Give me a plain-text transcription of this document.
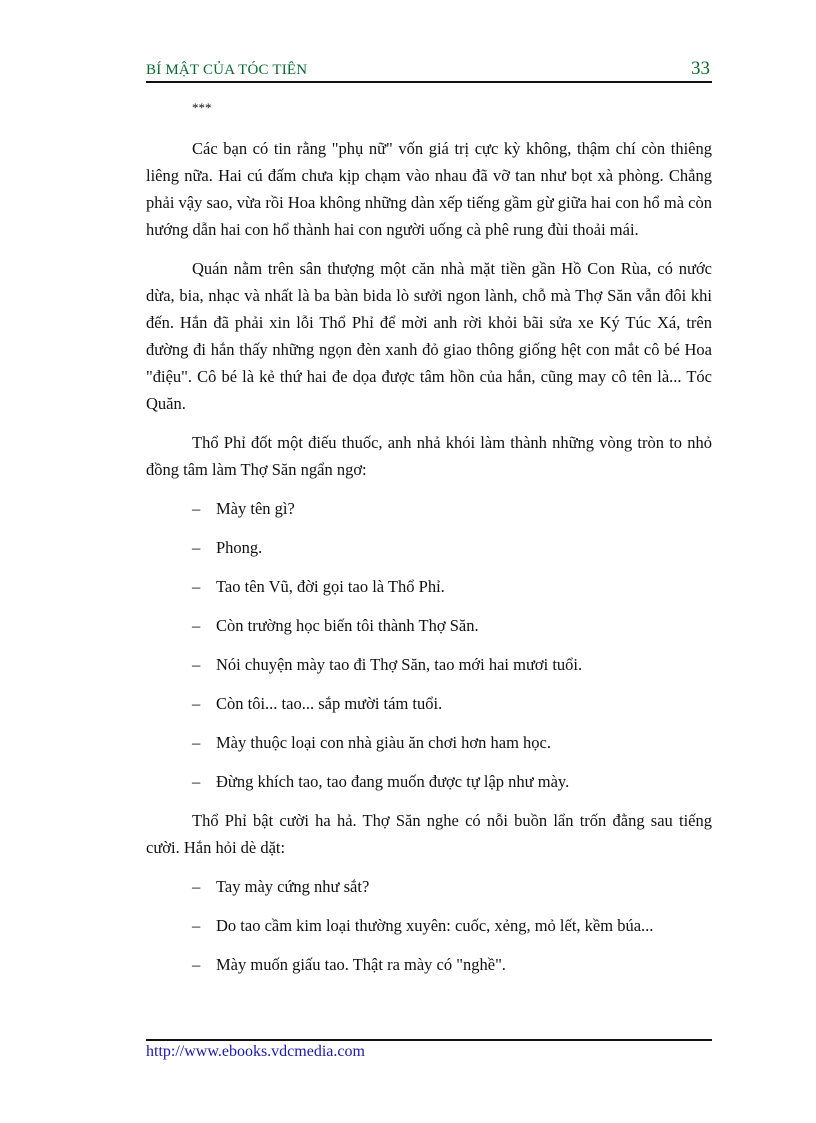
BÍ MẬT CỦA TÓC TIÊN	33
***

Các bạn có tin rằng "phụ nữ" vốn giá trị cực kỳ không, thậm chí còn thiêng liêng nữa. Hai cú đấm chưa kịp chạm vào nhau đã vỡ tan như bọt xà phòng. Chẳng phải vậy sao, vừa rồi Hoa không những dàn xếp tiếng gầm gừ giữa hai con hổ mà còn hướng dẫn hai con hổ thành hai con người uống cà phê rung đùi thoải mái.

Quán nằm trên sân thượng một căn nhà mặt tiền gần Hồ Con Rùa, có nước dừa, bia, nhạc và nhất là ba bàn bida lò sưởi ngon lành, chỗ mà Thợ Săn vẫn đôi khi đến. Hắn đã phải xin lỗi Thổ Phỉ để mời anh rời khỏi bãi sửa xe Ký Túc Xá, trên đường đi hắn thấy những ngọn đèn xanh đỏ giao thông giống hệt con mắt cô bé Hoa "điệu". Cô bé là kẻ thứ hai đe dọa được tâm hồn của hắn, cũng may cô tên là... Tóc Quăn.

Thổ Phỉ đốt một điếu thuốc, anh nhả khói làm thành những vòng tròn to nhỏ đồng tâm làm Thợ Săn ngẩn ngơ:

– Mày tên gì?
– Phong.
– Tao tên Vũ, đời gọi tao là Thổ Phỉ.
– Còn trường học biến tôi thành Thợ Săn.
– Nói chuyện mày tao đi Thợ Săn, tao mới hai mươi tuổi.
– Còn tôi... tao... sắp mười tám tuổi.
– Mày thuộc loại con nhà giàu ăn chơi hơn ham học.
– Đừng khích tao, tao đang muốn được tự lập như mày.

Thổ Phỉ bật cười ha hả. Thợ Săn nghe có nỗi buồn lẩn trốn đằng sau tiếng cười. Hắn hỏi dè dặt:

– Tay mày cứng như sắt?
– Do tao cầm kim loại thường xuyên: cuốc, xẻng, mỏ lết, kềm búa...
– Mày muốn giấu tao. Thật ra mày có "nghề".
http://www.ebooks.vdcmedia.com
